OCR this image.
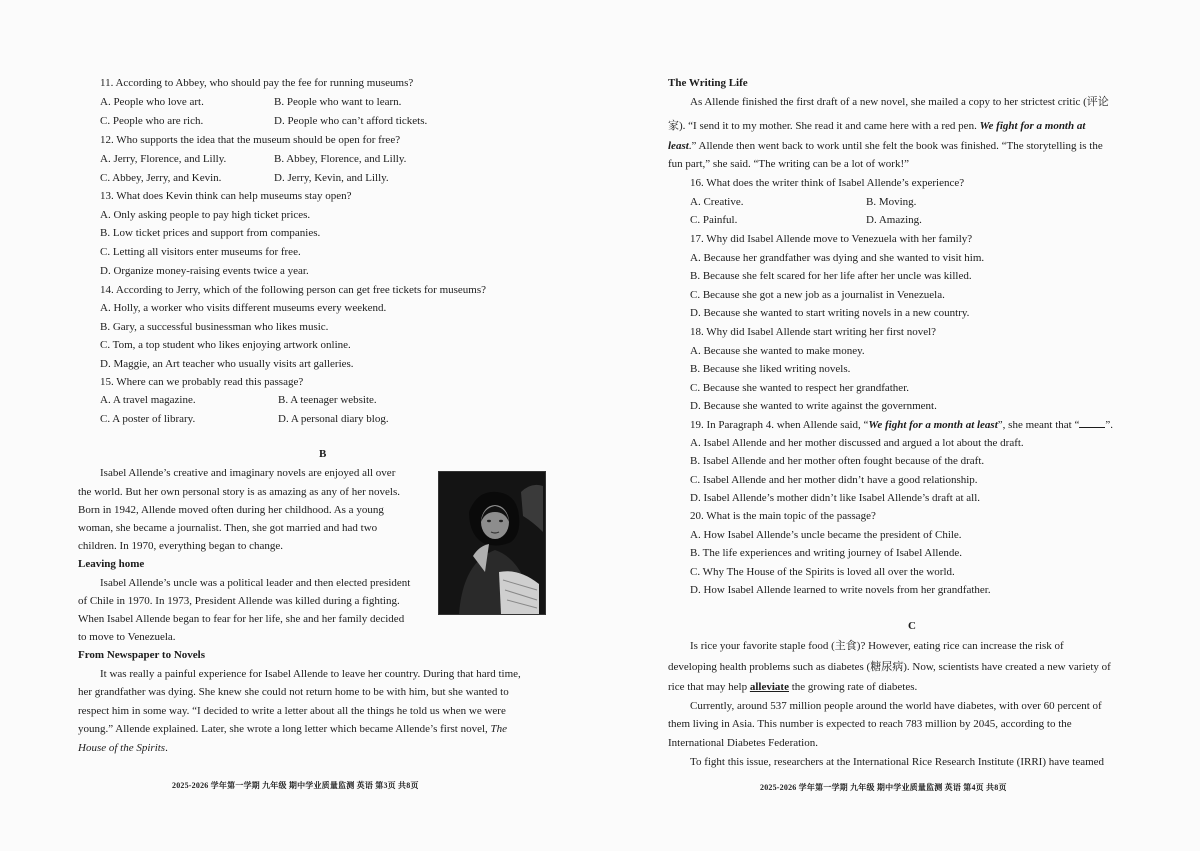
11. According to Abbey, who should pay the fee for running museums?
A. People who love art.	B. People who want to learn.
C. People who are rich.	D. People who can’t afford tickets.
12. Who supports the idea that the museum should be open for free?
A. Jerry, Florence, and Lilly.	B. Abbey, Florence, and Lilly.
C. Abbey, Jerry, and Kevin.	D. Jerry, Kevin, and Lilly.
13. What does Kevin think can help museums stay open?
A. Only asking people to pay high ticket prices.
B. Low ticket prices and support from companies.
C. Letting all visitors enter museums for free.
D. Organize money-raising events twice a year.
14. According to Jerry, which of the following person can get free tickets for museums?
A. Holly, a worker who visits different museums every weekend.
B. Gary, a successful businessman who likes music.
C. Tom, a top student who likes enjoying artwork online.
D. Maggie, an Art teacher who usually visits art galleries.
15. Where can we probably read this passage?
A. A travel magazine.	B. A teenager website.
C. A poster of library.	D. A personal diary blog.
B
Isabel Allende’s creative and imaginary novels are enjoyed all over
the world. But her own personal story is as amazing as any of her novels.
Born in 1942, Allende moved often during her childhood. As a young
woman, she became a journalist. Then, she got married and had two
children. In 1970, everything began to change.
Leaving home
Isabel Allende’s uncle was a political leader and then elected president
of Chile in 1970. In 1973, President Allende was killed during a fighting.
When Isabel Allende began to fear for her life, she and her family decided
to move to Venezuela.
From Newspaper to Novels
It was really a painful experience for Isabel Allende to leave her country. During that hard time,
her grandfather was dying. She knew she could not return home to be with him, but she wanted to
respect him in some way. “I decided to write a letter about all the things he told us when we were
young.” Allende explained. Later, she wrote a long letter which became Allende’s first novel, The
House of the Spirits.
2025-2026 学年第一学期 九年级 期中学业质量监测 英语 第3页 共8页
The Writing Life
As Allende finished the first draft of a new novel, she mailed a copy to her strictest critic (评论
家). “I send it to my mother. She read it and came here with a red pen. We fight for a month at
least.” Allende then went back to work until she felt the book was finished. “The storytelling is the
fun part,” she said. “The writing can be a lot of work!”
16. What does the writer think of Isabel Allende’s experience?
A. Creative.	B. Moving.
C. Painful.	D. Amazing.
17. Why did Isabel Allende move to Venezuela with her family?
A. Because her grandfather was dying and she wanted to visit him.
B. Because she felt scared for her life after her uncle was killed.
C. Because she got a new job as a journalist in Venezuela.
D. Because she wanted to start writing novels in a new country.
18. Why did Isabel Allende start writing her first novel?
A. Because she wanted to make money.
B. Because she liked writing novels.
C. Because she wanted to respect her grandfather.
D. Because she wanted to write against the government.
19. In Paragraph 4. when Allende said, “We fight for a month at least”, she meant that “ ”.
A. Isabel Allende and her mother discussed and argued a lot about the draft.
B. Isabel Allende and her mother often fought because of the draft.
C. Isabel Allende and her mother didn’t have a good relationship.
D. Isabel Allende’s mother didn’t like Isabel Allende’s draft at all.
20. What is the main topic of the passage?
A. How Isabel Allende’s uncle became the president of Chile.
B. The life experiences and writing journey of Isabel Allende.
C. Why The House of the Spirits is loved all over the world.
D. How Isabel Allende learned to write novels from her grandfather.
C
Is rice your favorite staple food (主食)? However, eating rice can increase the risk of
developing health problems such as diabetes (糖尿病). Now, scientists have created a new variety of
rice that may help alleviate the growing rate of diabetes.
Currently, around 537 million people around the world have diabetes, with over 60 percent of
them living in Asia. This number is expected to reach 783 million by 2045, according to the
International Diabetes Federation.
To fight this issue, researchers at the International Rice Research Institute (IRRI) have teamed
2025-2026 学年第一学期 九年级 期中学业质量监测 英语 第4页 共8页
